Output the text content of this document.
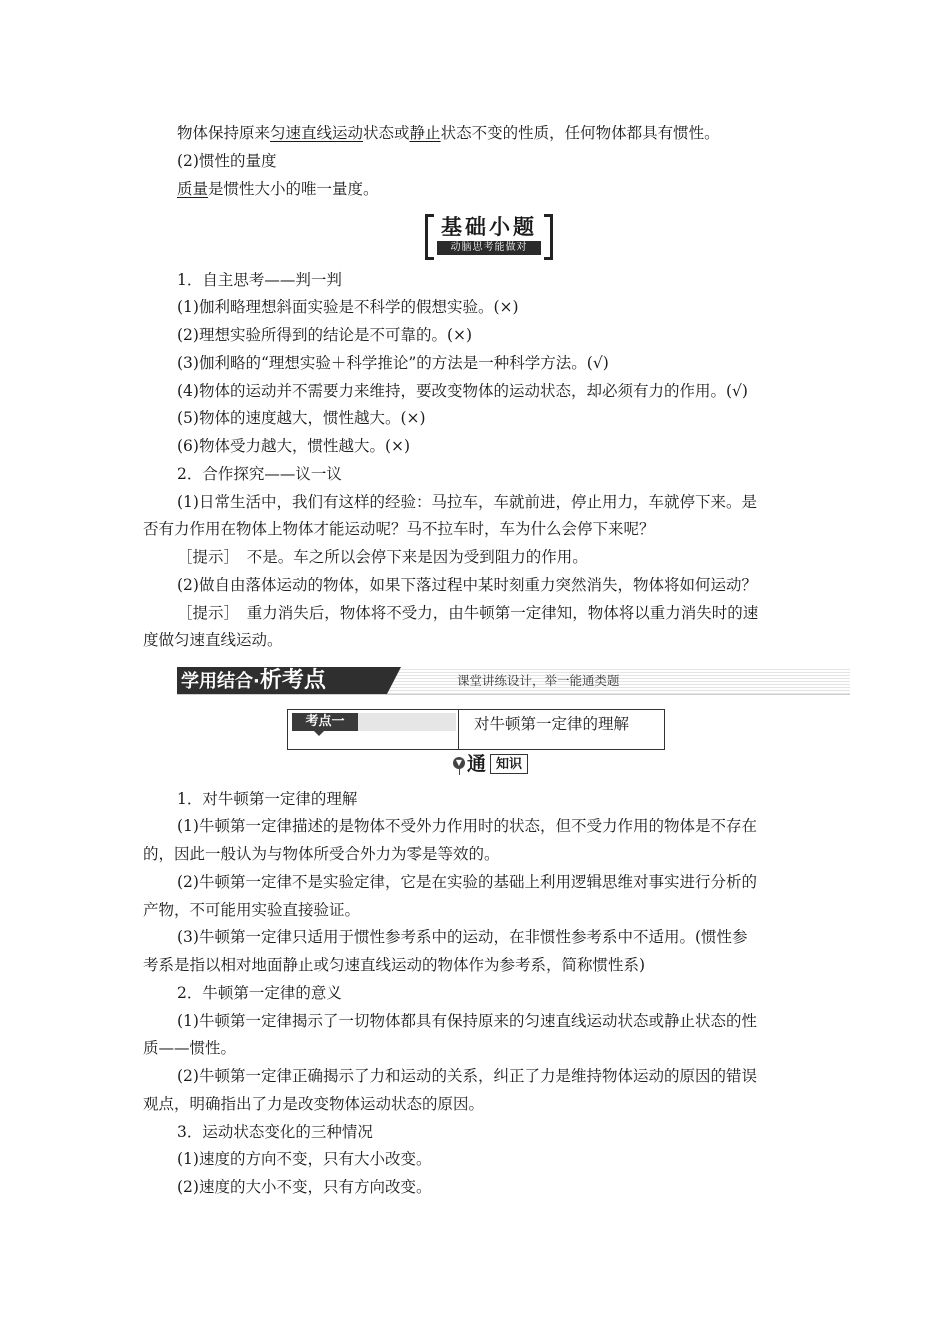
物体保持原来匀速直线运动状态或静止状态不变的性质，任何物体都具有惯性。
(2)惯性的量度
质量是惯性大小的唯一量度。
基础小题
动脑思考能做对
1．自主思考——判一判
(1)伽利略理想斜面实验是不科学的假想实验。(×)
(2)理想实验所得到的结论是不可靠的。(×)
(3)伽利略的“理想实验＋科学推论”的方法是一种科学方法。(√)
(4)物体的运动并不需要力来维持，要改变物体的运动状态，却必须有力的作用。(√)
(5)物体的速度越大，惯性越大。(×)
(6)物体受力越大，惯性越大。(×)
2．合作探究——议一议
(1)日常生活中，我们有这样的经验：马拉车，车就前进，停止用力，车就停下来。是
否有力作用在物体上物体才能运动呢？马不拉车时，车为什么会停下来呢？
［提示］　不是。车之所以会停下来是因为受到阻力的作用。
(2)做自由落体运动的物体，如果下落过程中某时刻重力突然消失，物体将如何运动？
［提示］　重力消失后，物体将不受力，由牛顿第一定律知，物体将以重力消失时的速
度做匀速直线运动。
学用结合·析考点	课堂讲练设计，举一能通类题
考点一	对牛顿第一定律的理解
▼ 通 知识
1．对牛顿第一定律的理解
(1)牛顿第一定律描述的是物体不受外力作用时的状态，但不受力作用的物体是不存在
的，因此一般认为与物体所受合外力为零是等效的。
(2)牛顿第一定律不是实验定律，它是在实验的基础上利用逻辑思维对事实进行分析的
产物，不可能用实验直接验证。
(3)牛顿第一定律只适用于惯性参考系中的运动，在非惯性参考系中不适用。(惯性参
考系是指以相对地面静止或匀速直线运动的物体作为参考系，简称惯性系)
2．牛顿第一定律的意义
(1)牛顿第一定律揭示了一切物体都具有保持原来的匀速直线运动状态或静止状态的性
质——惯性。
(2)牛顿第一定律正确揭示了力和运动的关系，纠正了力是维持物体运动的原因的错误
观点，明确指出了力是改变物体运动状态的原因。
3．运动状态变化的三种情况
(1)速度的方向不变，只有大小改变。
(2)速度的大小不变，只有方向改变。
